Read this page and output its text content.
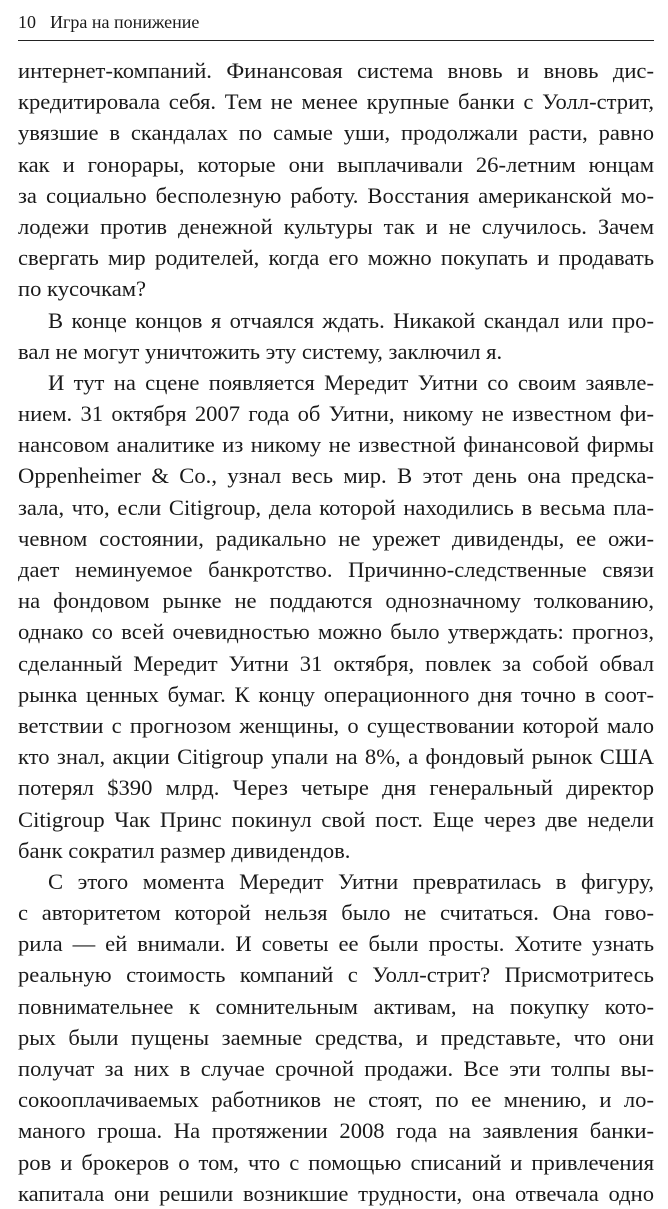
10 Игра на понижение
интернет-компаний. Финансовая система вновь и вновь дис-
кредитировала себя. Тем не менее крупные банки с Уолл-стрит,
увязшие в скандалах по самые уши, продолжали расти, равно
как и гонорары, которые они выплачивали 26-летним юнцам
за социально бесполезную работу. Восстания американской мо-
лодежи против денежной культуры так и не случилось. Зачем
свергать мир родителей, когда его можно покупать и продавать
по кусочкам?
В конце концов я отчаялся ждать. Никакой скандал или про-
вал не могут уничтожить эту систему, заключил я.
И тут на сцене появляется Мередит Уитни со своим заявле-
нием. 31 октября 2007 года об Уитни, никому не известном фи-
нансовом аналитике из никому не известной финансовой фирмы
Oppenheimer & Co., узнал весь мир. В этот день она предска-
зала, что, если Citigroup, дела которой находились в весьма пла-
чевном состоянии, радикально не урежет дивиденды, ее ожи-
дает неминуемое банкротство. Причинно-следственные связи
на фондовом рынке не поддаются однозначному толкованию,
однако со всей очевидностью можно было утверждать: прогноз,
сделанный Мередит Уитни 31 октября, повлек за собой обвал
рынка ценных бумаг. К концу операционного дня точно в соот-
ветствии с прогнозом женщины, о существовании которой мало
кто знал, акции Citigroup упали на 8%, а фондовый рынок США
потерял $390 млрд. Через четыре дня генеральный директор
Citigroup Чак Принс покинул свой пост. Еще через две недели
банк сократил размер дивидендов.
С этого момента Мередит Уитни превратилась в фигуру,
с авторитетом которой нельзя было не считаться. Она гово-
рила — ей внимали. И советы ее были просты. Хотите узнать
реальную стоимость компаний с Уолл-стрит? Присмотритесь
повнимательнее к сомнительным активам, на покупку кото-
рых были пущены заемные средства, и представьте, что они
получат за них в случае срочной продажи. Все эти толпы вы-
сокооплачиваемых работников не стоят, по ее мнению, и ло-
маного гроша. На протяжении 2008 года на заявления банки-
ров и брокеров о том, что с помощью списаний и привлечения
капитала они решили возникшие трудности, она отвечала одно
